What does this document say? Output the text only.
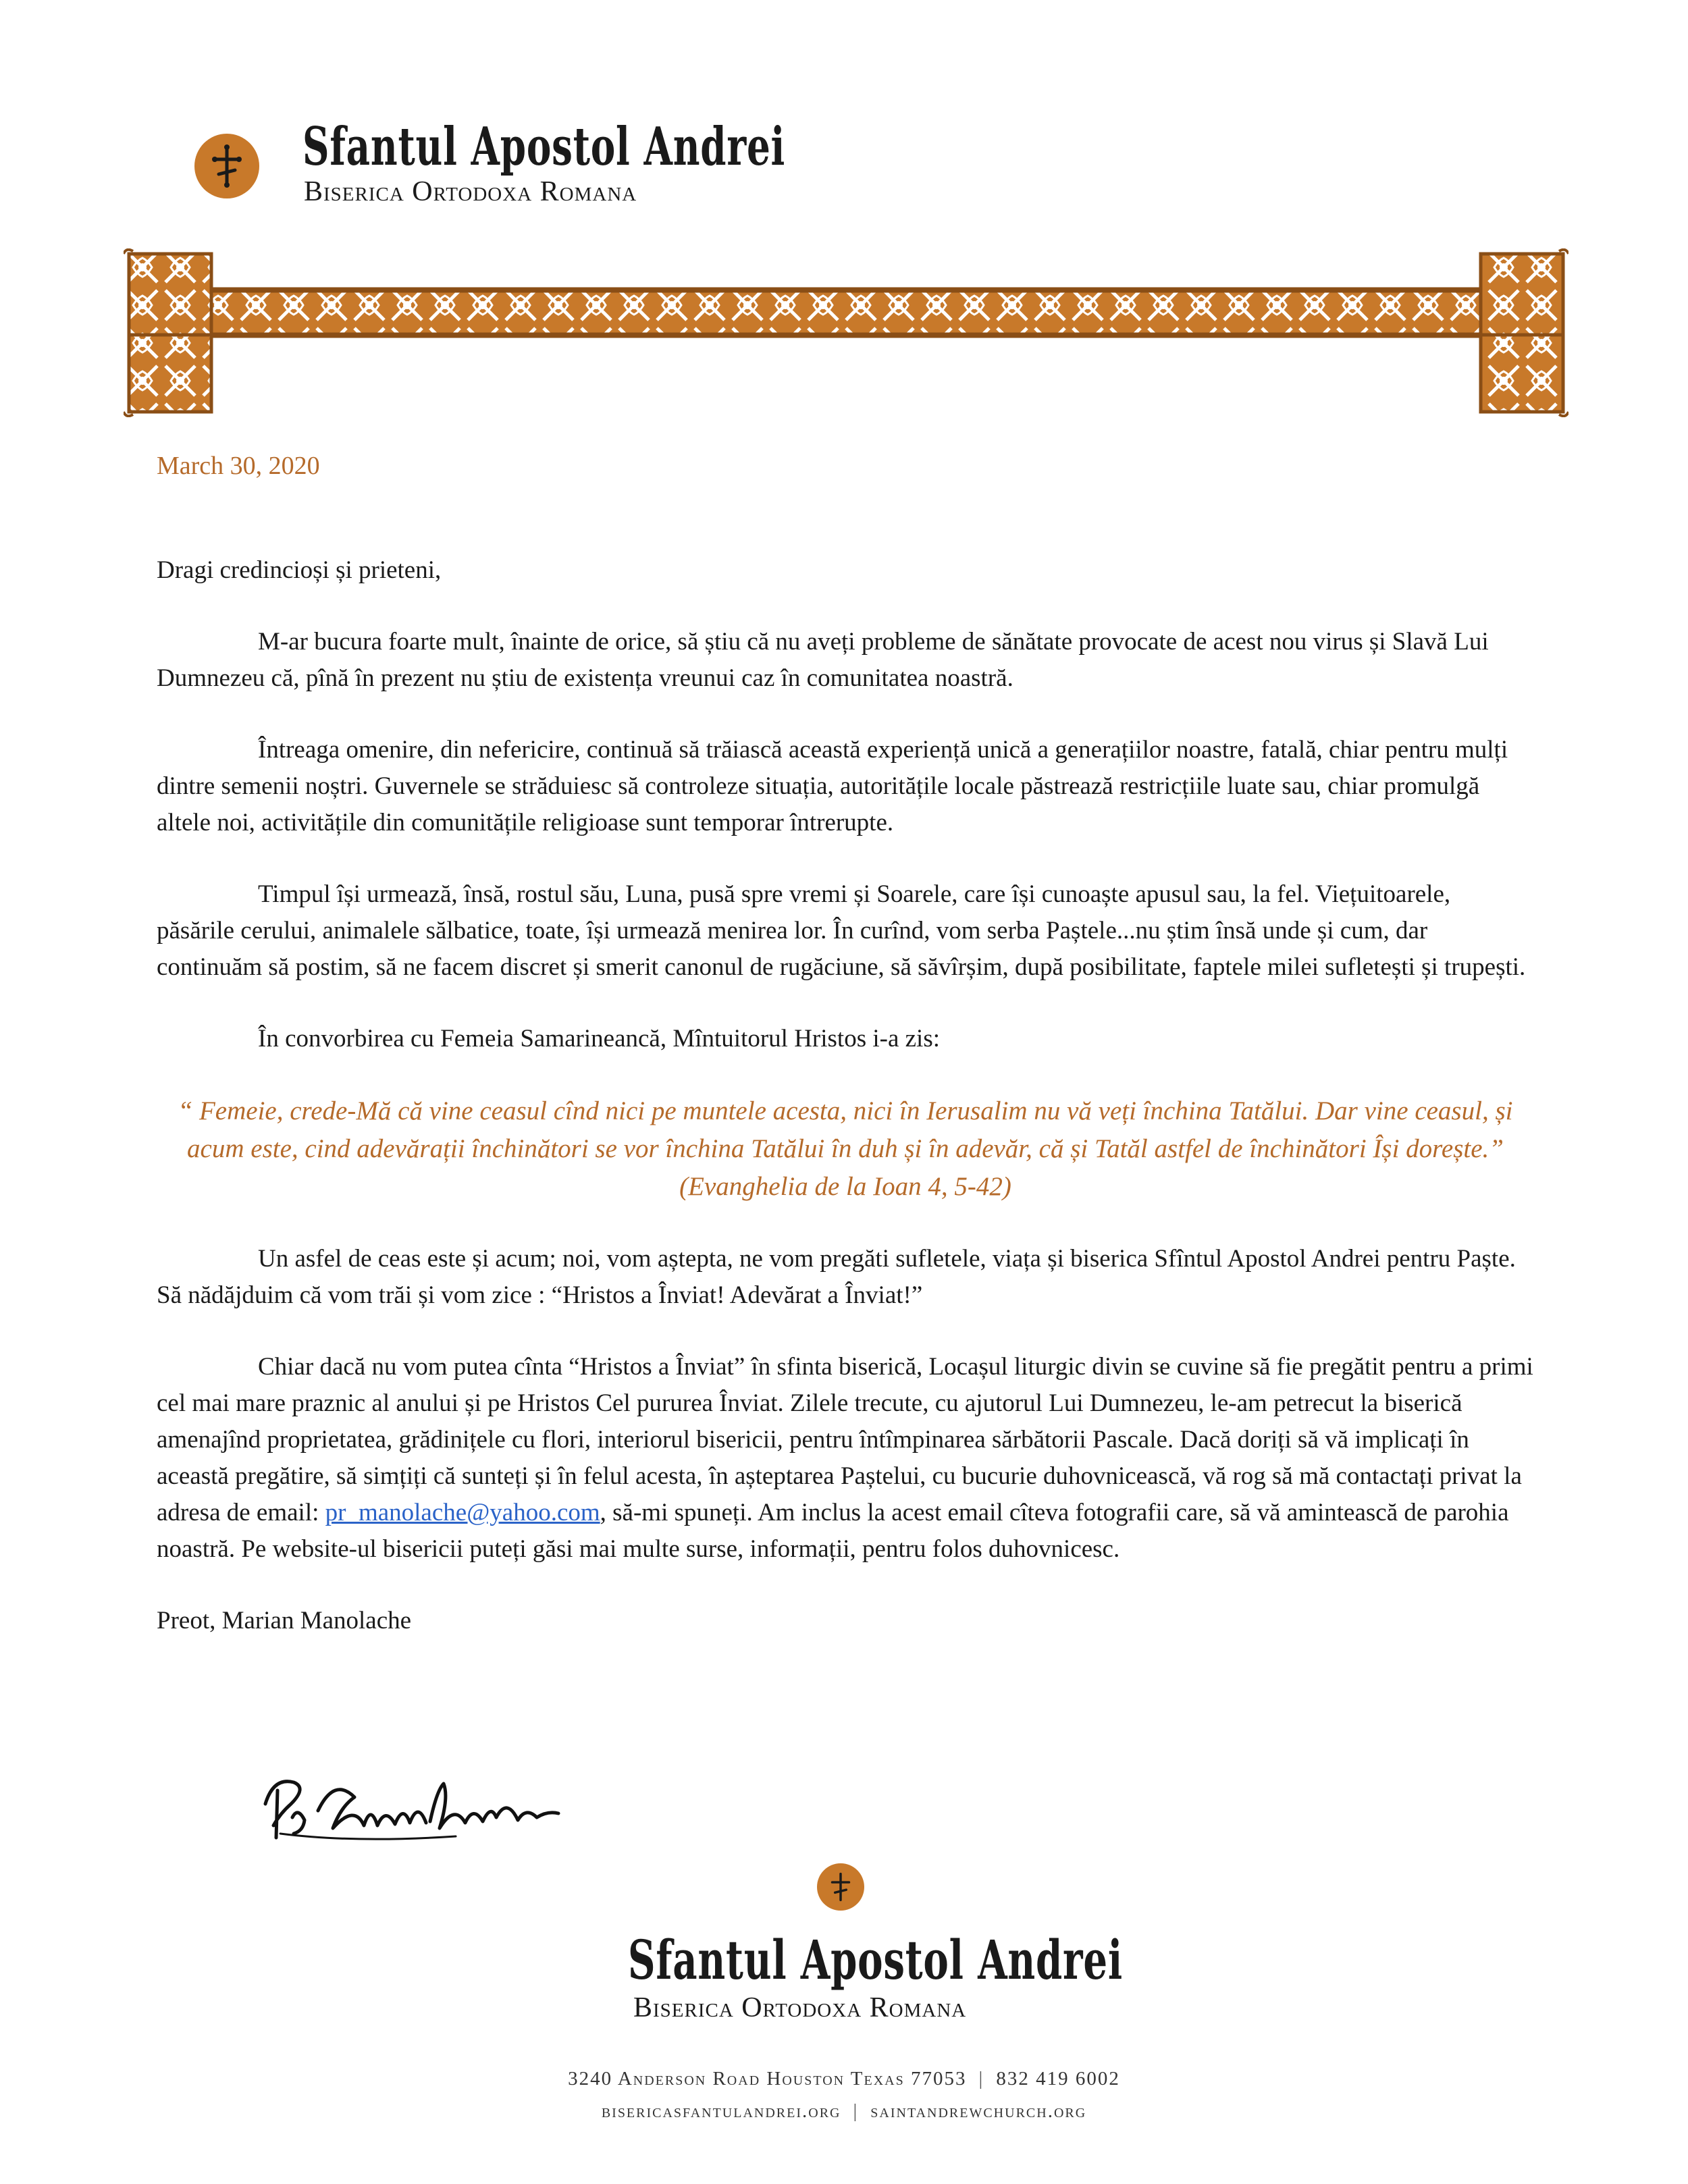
Sfantul Apostol Andrei
Biserica Ortodoxa Romana
March 30, 2020

Dragi credincioși și prieteni,

M-ar bucura foarte mult, înainte de orice, să știu că nu aveți probleme de sănătate provocate de acest nou virus și Slavă Lui Dumnezeu că, pînă în prezent nu știu de existența vreunui caz în comunitatea noastră.

Întreaga omenire, din nefericire, continuă să trăiască această experiență unică a generațiilor noastre, fatală, chiar pentru mulți dintre semenii noștri. Guvernele se străduiesc să controleze situația, autoritățile locale păstrează restricțiile luate sau, chiar promulgă altele noi, activitățile din comunitățile religioase sunt temporar întrerupte.

Timpul își urmează, însă, rostul său, Luna, pusă spre vremi și Soarele, care își cunoaște apusul sau, la fel. Viețuitoarele, păsările cerului, animalele sălbatice, toate, își urmează menirea lor. În curînd, vom serba Paștele...nu știm însă unde și cum, dar continuăm să postim, să ne facem discret și smerit canonul de rugăciune, să săvîrșim, după posibilitate, faptele milei sufletești și trupești.

În convorbirea cu Femeia Samarineancă, Mîntuitorul Hristos i-a zis:

“ Femeie, crede-Mă că vine ceasul cînd nici pe muntele acesta, nici în Ierusalim nu vă veți închina Tatălui. Dar vine ceasul, și acum este, cind adevărații închinători se vor închina Tatălui în duh și în adevăr, că și Tatăl astfel de închinători Își dorește.” (Evanghelia de la Ioan 4, 5-42)

Un asfel de ceas este și acum; noi, vom aștepta, ne vom pregăti sufletele, viața și biserica Sfîntul Apostol Andrei pentru Paște. Să nădăjduim că vom trăi și vom zice : “Hristos a Înviat! Adevărat a Înviat!”

Chiar dacă nu vom putea cînta “Hristos a Înviat” în sfinta biserică, Locașul liturgic divin se cuvine să fie pregătit pentru a primi cel mai mare praznic al anului și pe Hristos Cel pururea Înviat. Zilele trecute, cu ajutorul Lui Dumnezeu, le-am petrecut la biserică amenajînd proprietatea, grădinițele cu flori, interiorul bisericii, pentru întîmpinarea sărbătorii Pascale. Dacă doriți să vă implicați în această pregătire, să simțiți că sunteți și în felul acesta, în așteptarea Paștelui, cu bucurie duhovnicească, vă rog să mă contactați privat la adresa de email: pr_manolache@yahoo.com, să-mi spuneți. Am inclus la acest email cîteva fotografii care, să vă amintească de parohia noastră. Pe website-ul bisericii puteți găsi mai multe surse, informații, pentru folos duhovnicesc.

Preot, Marian Manolache

Sfantul Apostol Andrei
Biserica Ortodoxa Romana
3240 Anderson Road Houston Texas 77053 | 832 419 6002
bisericasfantulandrei.org | saintandrewchurch.org
